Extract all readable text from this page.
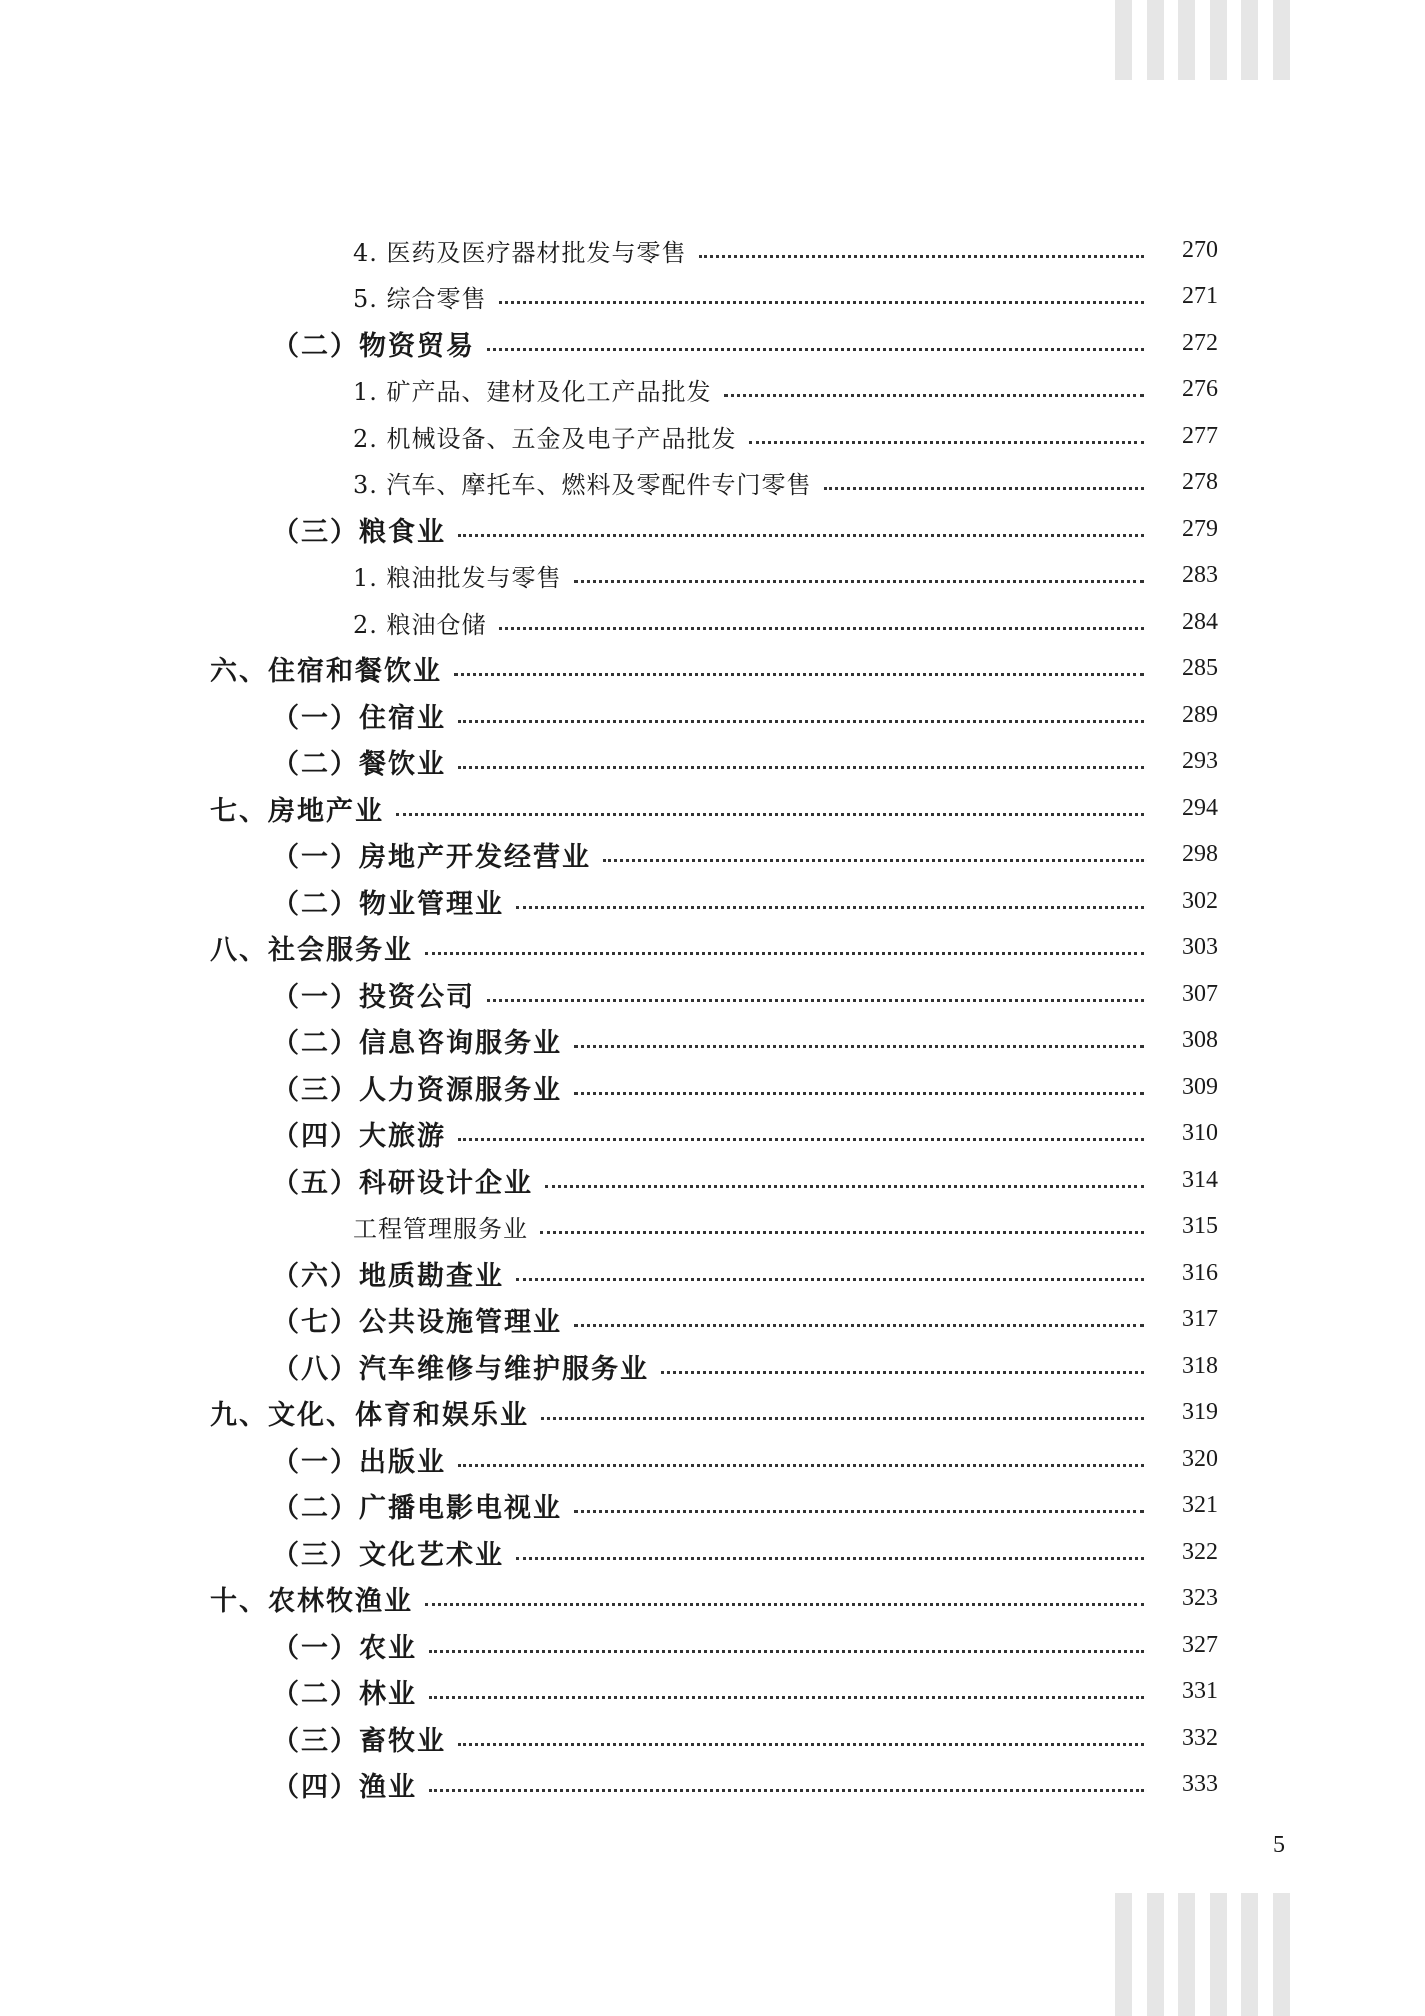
4. 医药及医疗器材批发与零售	270
5. 综合零售	271
（二）物资贸易	272
1. 矿产品、建材及化工产品批发	276
2. 机械设备、五金及电子产品批发	277
3. 汽车、摩托车、燃料及零配件专门零售	278
（三）粮食业	279
1. 粮油批发与零售	283
2. 粮油仓储	284
六、住宿和餐饮业	285
（一）住宿业	289
（二）餐饮业	293
七、房地产业	294
（一）房地产开发经营业	298
（二）物业管理业	302
八、社会服务业	303
（一）投资公司	307
（二）信息咨询服务业	308
（三）人力资源服务业	309
（四）大旅游	310
（五）科研设计企业	314
工程管理服务业	315
（六）地质勘查业	316
（七）公共设施管理业	317
（八）汽车维修与维护服务业	318
九、文化、体育和娱乐业	319
（一）出版业	320
（二）广播电影电视业	321
（三）文化艺术业	322
十、农林牧渔业	323
（一）农业	327
（二）林业	331
（三）畜牧业	332
（四）渔业	333
5
